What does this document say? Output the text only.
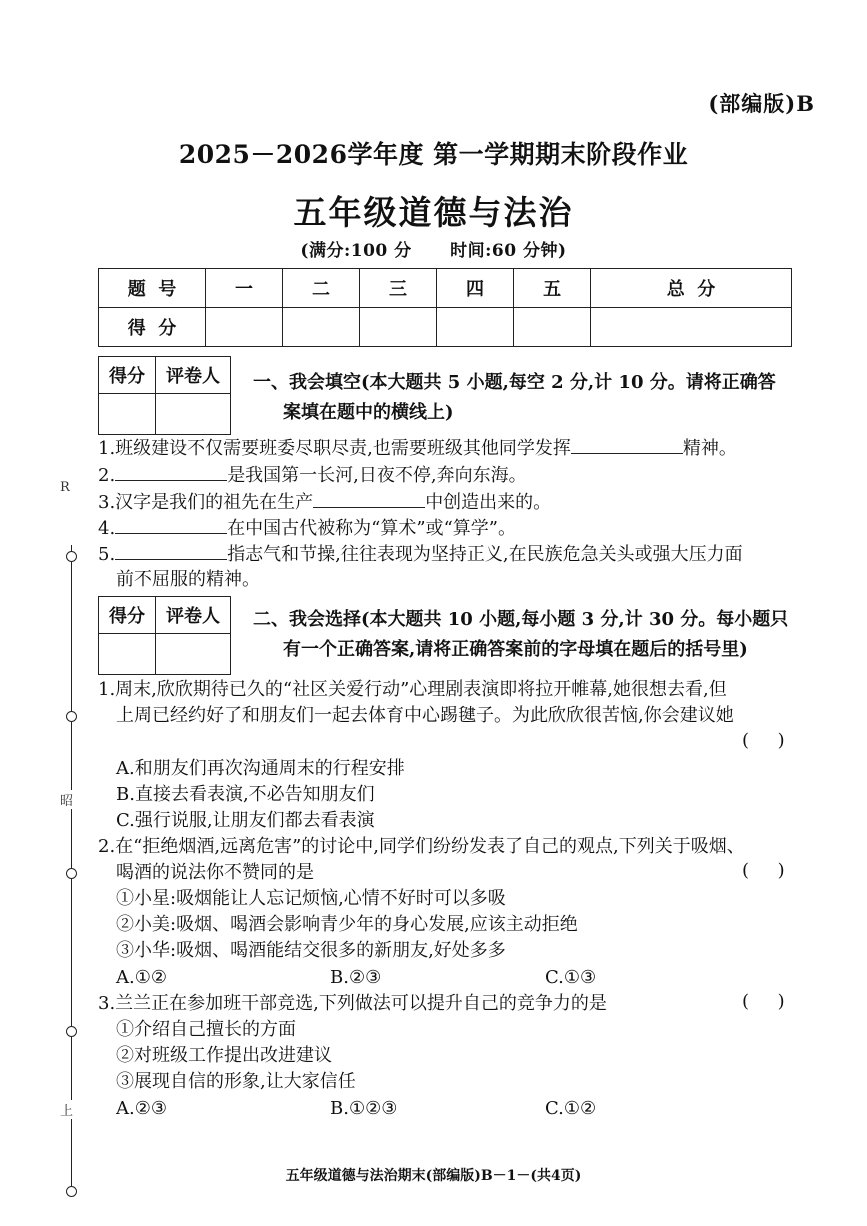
R
昭
上
(部编版)B
2025－2026学年度 第一学期期末阶段作业
五年级道德与法治
(满分:100 分      时间:60 分钟)
题  号	一	二	三	四	五	总  分
得  分						
得分	评卷人
	一、我会填空(本大题共 5 小题,每空 2 分,计 10 分。请将正确答
案填在题中的横线上)
1.班级建设不仅需要班委尽职尽责,也需要班级其他同学发挥	精神。
2.	是我国第一长河,日夜不停,奔向东海。
3.汉字是我们的祖先在生产	中创造出来的。
4.	在中国古代被称为“算术”或“算学”。
5.	指志气和节操,往往表现为坚持正义,在民族危急关头或强大压力面
前不屈服的精神。
得分	评卷人
	二、我会选择(本大题共 10 小题,每小题 3 分,计 30 分。每小题只
有一个正确答案,请将正确答案前的字母填在题后的括号里)
1.周末,欣欣期待已久的“社区关爱行动”心理剧表演即将拉开帷幕,她很想去看,但
上周已经约好了和朋友们一起去体育中心踢毽子。为此欣欣很苦恼,你会建议她
(     )
A.和朋友们再次沟通周末的行程安排
B.直接去看表演,不必告知朋友们
C.强行说服,让朋友们都去看表演
2.在“拒绝烟酒,远离危害”的讨论中,同学们纷纷发表了自己的观点,下列关于吸烟、
喝酒的说法你不赞同的是	(     )
①小星:吸烟能让人忘记烦恼,心情不好时可以多吸
②小美:吸烟、喝酒会影响青少年的身心发展,应该主动拒绝
③小华:吸烟、喝酒能结交很多的新朋友,好处多多
A.①②	B.②③	C.①③
3.兰兰正在参加班干部竞选,下列做法可以提升自己的竞争力的是	(     )
①介绍自己擅长的方面
②对班级工作提出改进建议
③展现自信的形象,让大家信任
A.②③	B.①②③	C.①②
五年级道德与法治期末(部编版)B－1－(共4页)
